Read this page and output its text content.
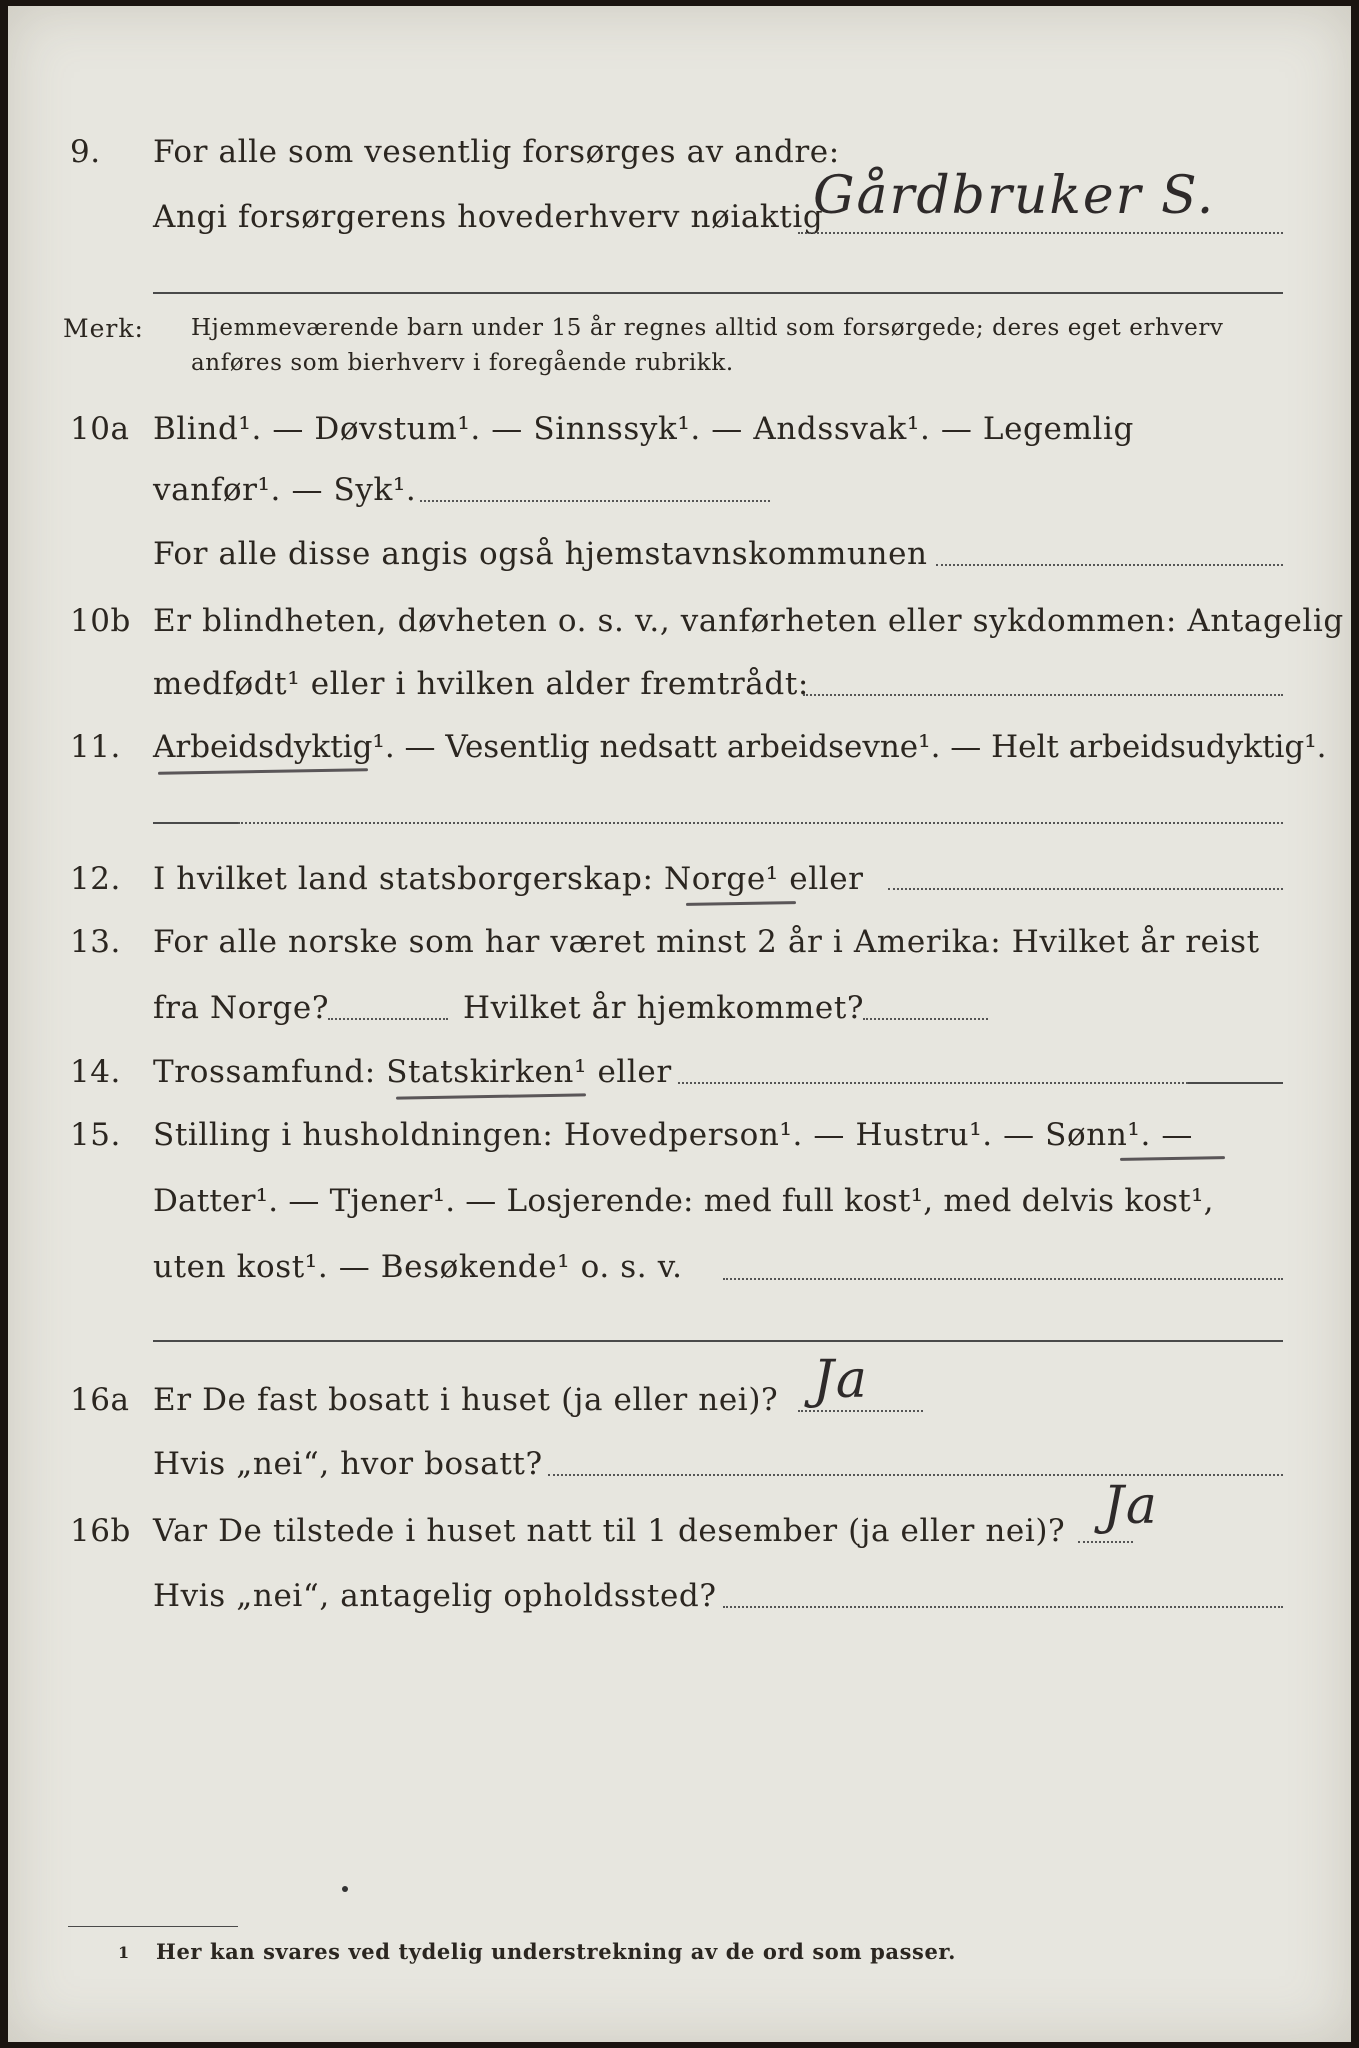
9. For alle som vesentlig forsørges av andre:
Angi forsørgerens hovederhverv nøiaktig
Gårdbruker S.
Merk: Hjemmeværende barn under 15 år regnes alltid som forsørgede; deres eget erhverv
anføres som bierhverv i foregående rubrikk.
10a Blind¹. — Døvstum¹. — Sinnssyk¹. — Andssvak¹. — Legemlig
vanfør¹. — Syk¹.
For alle disse angis også hjemstavnskommunen
10b Er blindheten, døvheten o. s. v., vanførheten eller sykdommen: Antagelig
medfødt¹ eller i hvilken alder fremtrådt:
11. Arbeidsdyktig¹. — Vesentlig nedsatt arbeidsevne¹. — Helt arbeidsudyktig¹.
12. I hvilket land statsborgerskap: Norge¹ eller
13. For alle norske som har været minst 2 år i Amerika: Hvilket år reist
fra Norge?	Hvilket år hjemkommet?
14. Trossamfund: Statskirken¹ eller
15. Stilling i husholdningen: Hovedperson¹. — Hustru¹. — Sønn¹. —
Datter¹. — Tjener¹. — Losjerende: med full kost¹, med delvis kost¹,
uten kost¹. — Besøkende¹ o. s. v.
16a Er De fast bosatt i huset (ja eller nei)? Ja
Hvis „nei“, hvor bosatt?
16b Var De tilstede i huset natt til 1 desember (ja eller nei)? Ja
Hvis „nei“, antagelig opholdssted?
1 Her kan svares ved tydelig understrekning av de ord som passer.
